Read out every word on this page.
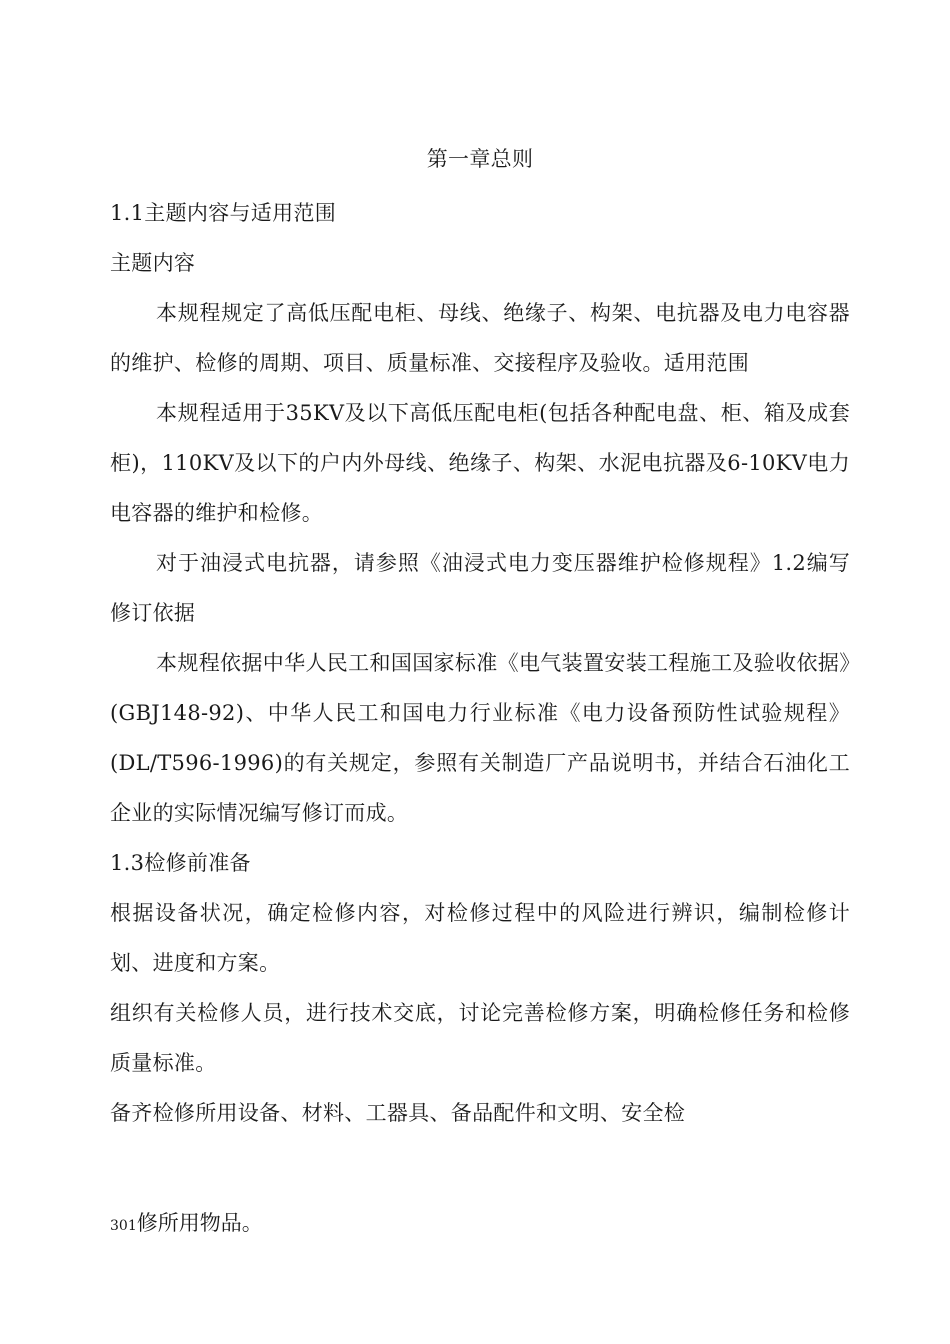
第一章总则

1.1主题内容与适用范围

主题内容

本规程规定了高低压配电柜、母线、绝缘子、构架、电抗器及电力电容器的维护、检修的周期、项目、质量标准、交接程序及验收。适用范围

本规程适用于35KV及以下高低压配电柜(包括各种配电盘、柜、箱及成套柜)，110KV及以下的户内外母线、绝缘子、构架、水泥电抗器及6-10KV电力电容器的维护和检修。

对于油浸式电抗器，请参照《油浸式电力变压器维护检修规程》1.2编写修订依据

本规程依据中华人民工和国国家标准《电气装置安装工程施工及验收依据》(GBJ148-92)、中华人民工和国电力行业标准《电力设备预防性试验规程》(DL/T596-1996)的有关规定，参照有关制造厂产品说明书，并结合石油化工企业的实际情况编写修订而成。

1.3检修前准备

根据设备状况，确定检修内容，对检修过程中的风险进行辨识，编制检修计划、进度和方案。

组织有关检修人员，进行技术交底，讨论完善检修方案，明确检修任务和检修质量标准。

备齐检修所用设备、材料、工器具、备品配件和文明、安全检

301修所用物品。
